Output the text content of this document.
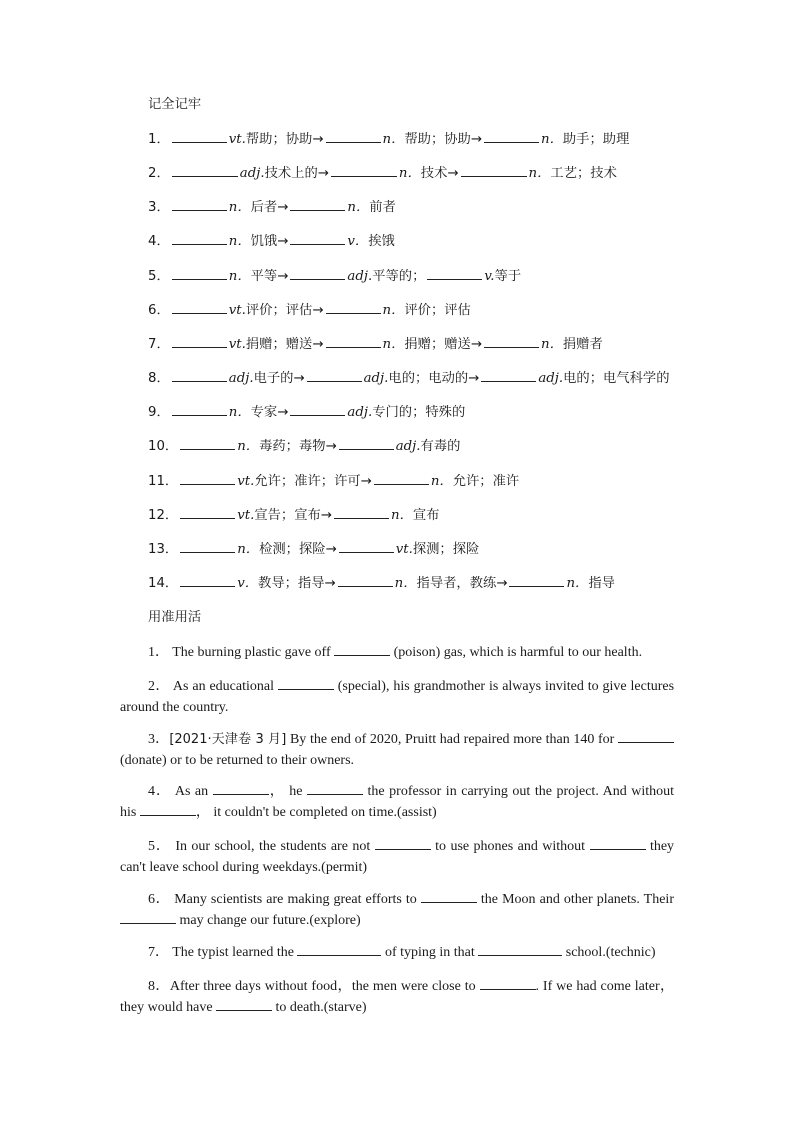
记全记牢
1．	vt.帮助；协助→	n．帮助；协助→	n．助手；助理
2．	adj.技术上的→	n．技术→	n．工艺；技术
3．	n．后者→	n．前者
4．	n．饥饿→	v．挨饿
5．	n．平等→	adj.平等的；	v.等于
6．	vt.评价；评估→	n．评价；评估
7．	vt.捐赠；赠送→	n．捐赠；赠送→	n．捐赠者
8．	adj.电子的→	adj.电的；电动的→	adj.电的；电气科学的
9．	n．专家→	adj.专门的；特殊的
10．	n．毒药；毒物→	adj.有毒的
11．	vt.允许；准许；许可→	n．允许；准许
12．	vt.宣告；宣布→	n．宣布
13．	n．检测；探险→	vt.探测；探险
14．	v．教导；指导→	n．指导者，教练→	n．指导
用准用活
1． The burning plastic gave off	(poison) gas, which is harmful to our health.
2． As an educational	(special), his grandmother is always invited to give lectures around the country.
3．[2021·天津卷 3 月] By the end of 2020, Pruitt had repaired more than 140 for  (donate) or to be returned to their owners.
4． As an	， he	the professor in carrying out the project. And without his	， it couldn't be completed on time.(assist)
5． In our school, the students are not	to use phones and without	they can't leave school during weekdays.(permit)
6． Many scientists are making great efforts to	the Moon and other planets. Their  may change our future.(explore)
7． The typist learned the	of typing in that	school.(technic)
8．After three days without food，the men were close to	. If we had come later，they would have	to death.(starve)
